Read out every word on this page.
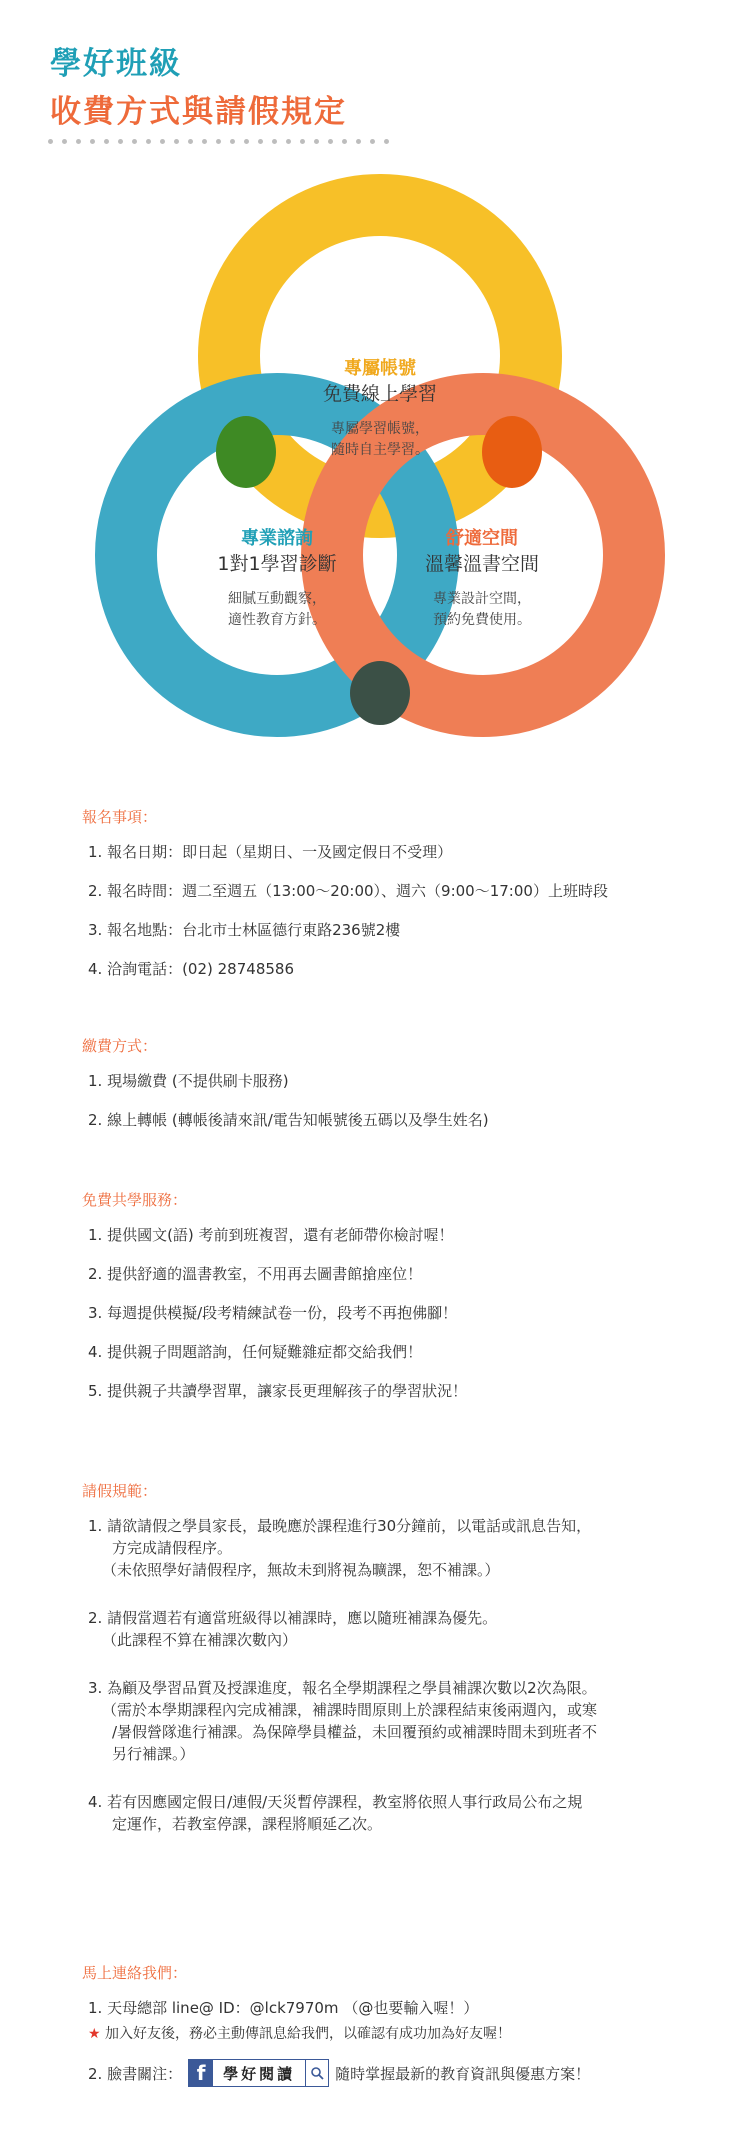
學好班級
收費方式與請假規定
專屬帳號
免費線上學習
專屬學習帳號，
隨時自主學習。
專業諮詢
1對1學習診斷
細膩互動觀察，
適性教育方針。
舒適空間
溫馨溫書空間
專業設計空間，
預約免費使用。
報名事項：
1. 報名日期：即日起（星期日、一及國定假日不受理）
2. 報名時間：週二至週五（13:00～20:00）、週六（9:00～17:00）上班時段
3. 報名地點：台北市士林區德行東路236號2樓
4. 洽詢電話：(02) 28748586
繳費方式：
1. 現場繳費 (不提供刷卡服務)
2. 線上轉帳 (轉帳後請來訊/電告知帳號後五碼以及學生姓名)
免費共學服務：
1. 提供國文(語) 考前到班複習，還有老師帶你檢討喔！
2. 提供舒適的溫書教室，不用再去圖書館搶座位！
3. 每週提供模擬/段考精練試卷一份，段考不再抱佛腳！
4. 提供親子問題諮詢，任何疑難雜症都交給我們！
5. 提供親子共讀學習單，讓家長更理解孩子的學習狀況！
請假規範：
1. 請欲請假之學員家長，最晚應於課程進行30分鐘前，以電話或訊息告知，
方完成請假程序。
（未依照學好請假程序，無故未到將視為曠課，恕不補課。）
2. 請假當週若有適當班級得以補課時，應以隨班補課為優先。
（此課程不算在補課次數內）
3. 為顧及學習品質及授課進度，報名全學期課程之學員補課次數以2次為限。
（需於本學期課程內完成補課，補課時間原則上於課程結束後兩週內，或寒
/暑假營隊進行補課。為保障學員權益，未回覆預約或補課時間未到班者不
另行補課。）
4. 若有因應國定假日/連假/天災暫停課程，教室將依照人事行政局公布之規
定運作，若教室停課，課程將順延乙次。
馬上連絡我們：
1. 天母總部 line@ ID：@lck7970m （@也要輸入喔！）
★ 加入好友後，務必主動傳訊息給我們，以確認有成功加為好友喔！
2. 臉書關注： f	學好閱讀	隨時掌握最新的教育資訊與優惠方案！
